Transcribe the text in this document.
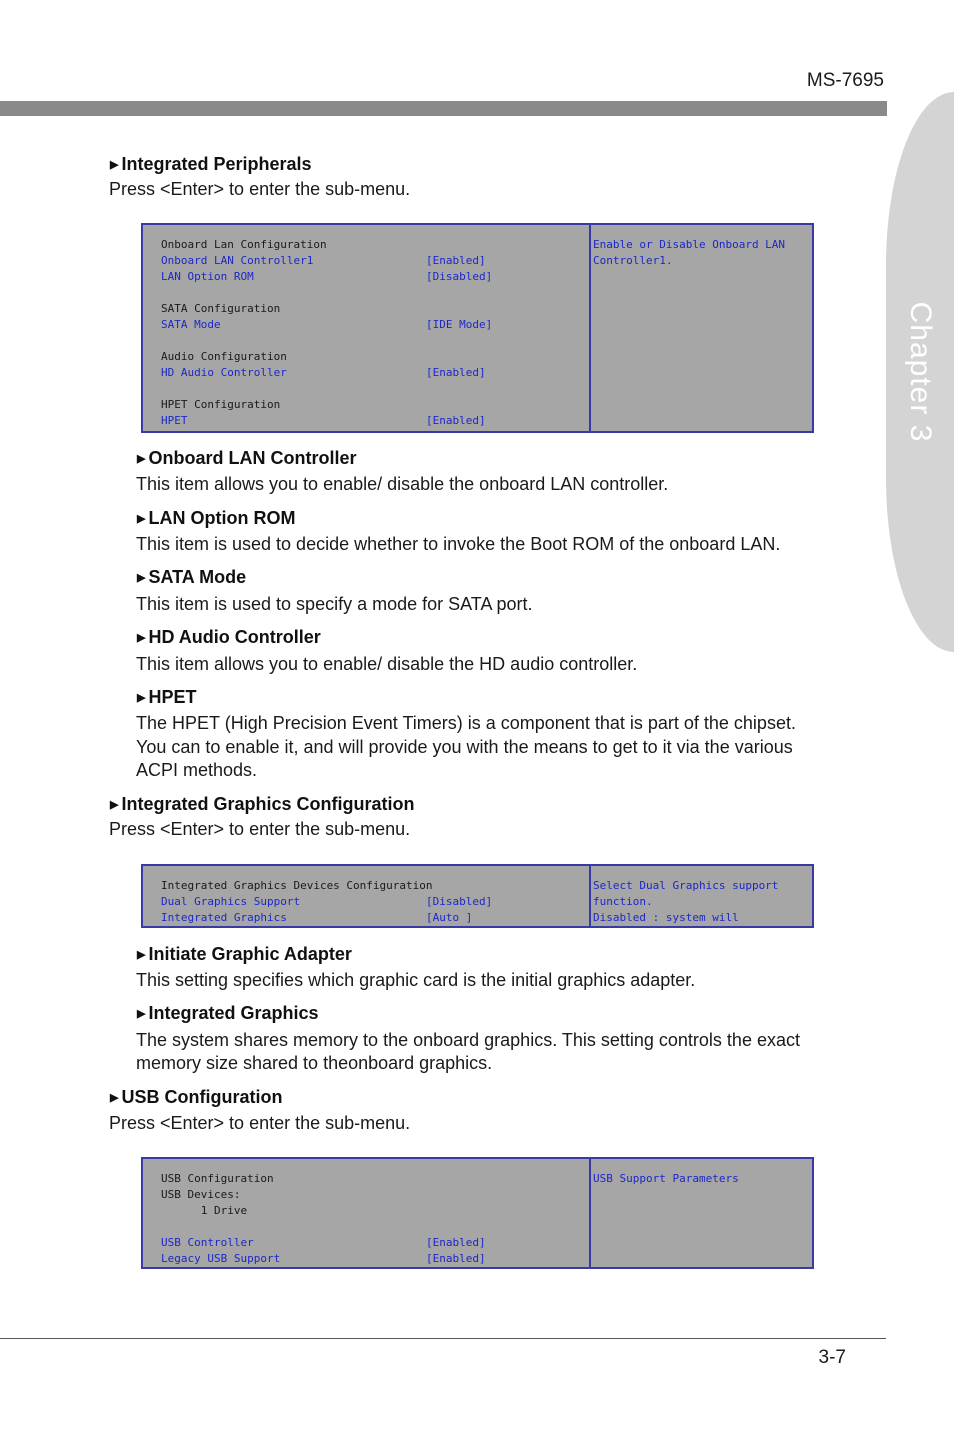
MS-7695
Chapter 3
▶ Integrated Peripherals
Press <Enter> to enter the sub-menu.
Onboard Lan Configuration
Onboard LAN Controller1	[Enabled]
LAN Option ROM	[Disabled]
SATA Configuration
SATA Mode	[IDE Mode]
Audio Configuration
HD Audio Controller	[Enabled]
HPET Configuration
HPET	[Enabled]
Enable or Disable Onboard LAN
Controller1.
▶ Onboard LAN Controller
This item allows you to enable/ disable the onboard LAN controller.
▶ LAN Option ROM
This item is used to decide whether to invoke the Boot ROM of the onboard LAN.
▶ SATA Mode
This item is used to specify a mode for SATA port.
▶ HD Audio Controller
This item allows you to enable/ disable the HD audio controller.
▶ HPET
The HPET (High Precision Event Timers) is a component that is part of the chipset.
You can to enable it, and will provide you with the means to get to it via the various
ACPI methods.
▶ Integrated Graphics Configuration
Press <Enter> to enter the sub-menu.
Integrated Graphics Devices Configuration
Dual Graphics Support	[Disabled]
Integrated Graphics	[Auto ]
Select Dual Graphics support
function.
Disabled : system will
▶ Initiate Graphic Adapter
This setting specifies which graphic card is the initial graphics adapter.
▶ Integrated Graphics
The system shares memory to the onboard graphics. This setting controls the exact
memory size shared to theonboard graphics.
▶ USB Configuration
Press <Enter> to enter the sub-menu.
USB Configuration
USB Devices:
1 Drive
USB Controller	[Enabled]
Legacy USB Support	[Enabled]
USB Support Parameters
3-7
